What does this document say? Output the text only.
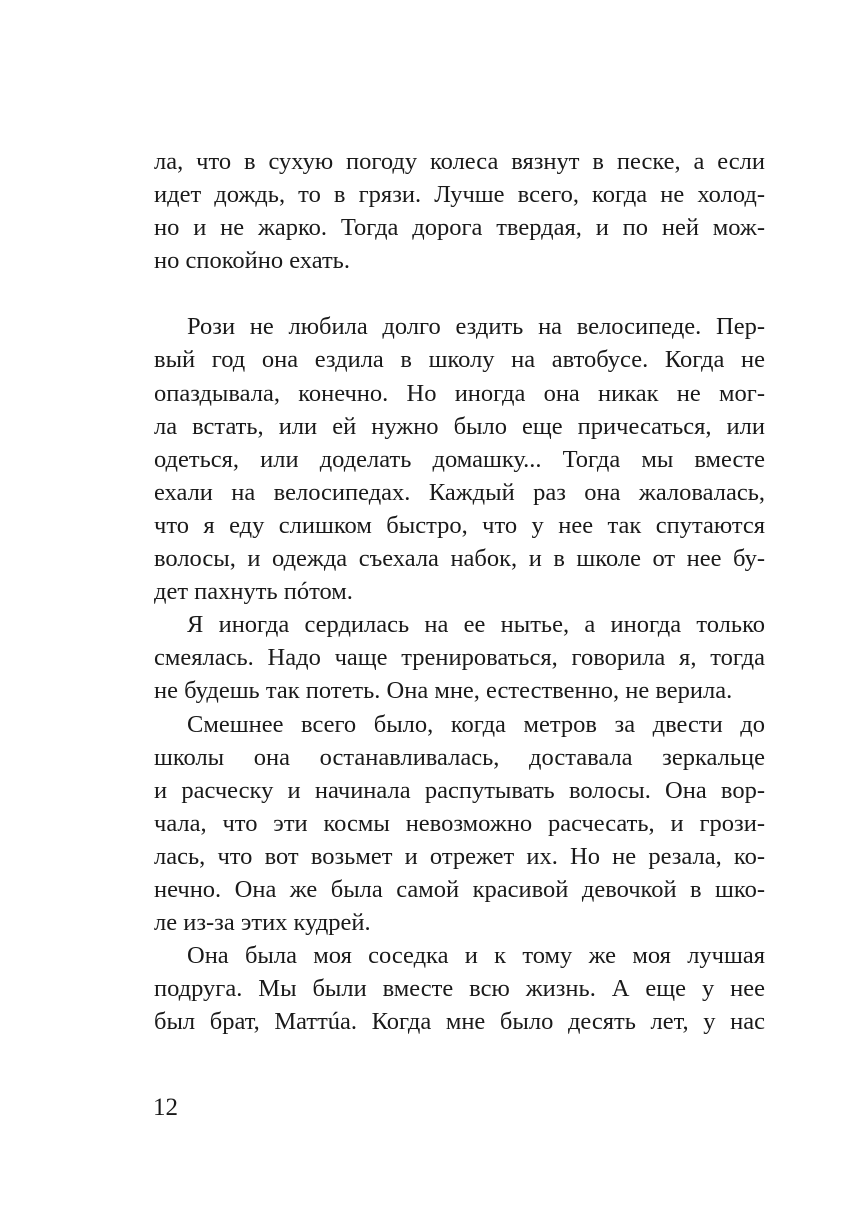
ла, что в сухую погоду колеса вязнут в песке, а если
идет дождь, то в грязи. Лучше всего, когда не холод-
но и не жарко. Тогда дорога твердая, и по ней мож-
но спокойно ехать.
Рози не любила долго ездить на велосипеде. Пер-
вый год она ездила в школу на автобусе. Когда не
опаздывала, конечно. Но иногда она никак не мог-
ла встать, или ей нужно было еще причесаться, или
одеться, или доделать домашку... Тогда мы вместе
ехали на велосипедах. Каждый раз она жаловалась,
что я еду слишком быстро, что у нее так спутаются
волосы, и одежда съехала набок, и в школе от нее бу-
дет пахнуть пóтом.
Я иногда сердилась на ее нытье, а иногда только
смеялась. Надо чаще тренироваться, говорила я, тогда
не будешь так потеть. Она мне, естественно, не верила.
Смешнее всего было, когда метров за двести до
школы она останавливалась, доставала зеркальце
и расческу и начинала распутывать волосы. Она вор-
чала, что эти космы невозможно расчесать, и грози-
лась, что вот возьмет и отрежет их. Но не резала, ко-
нечно. Она же была самой красивой девочкой в шко-
ле из-за этих кудрей.
Она была моя соседка и к тому же моя лучшая
подруга. Мы были вместе всю жизнь. А еще у нее
был брат, Маттúа. Когда мне было десять лет, у нас
12
